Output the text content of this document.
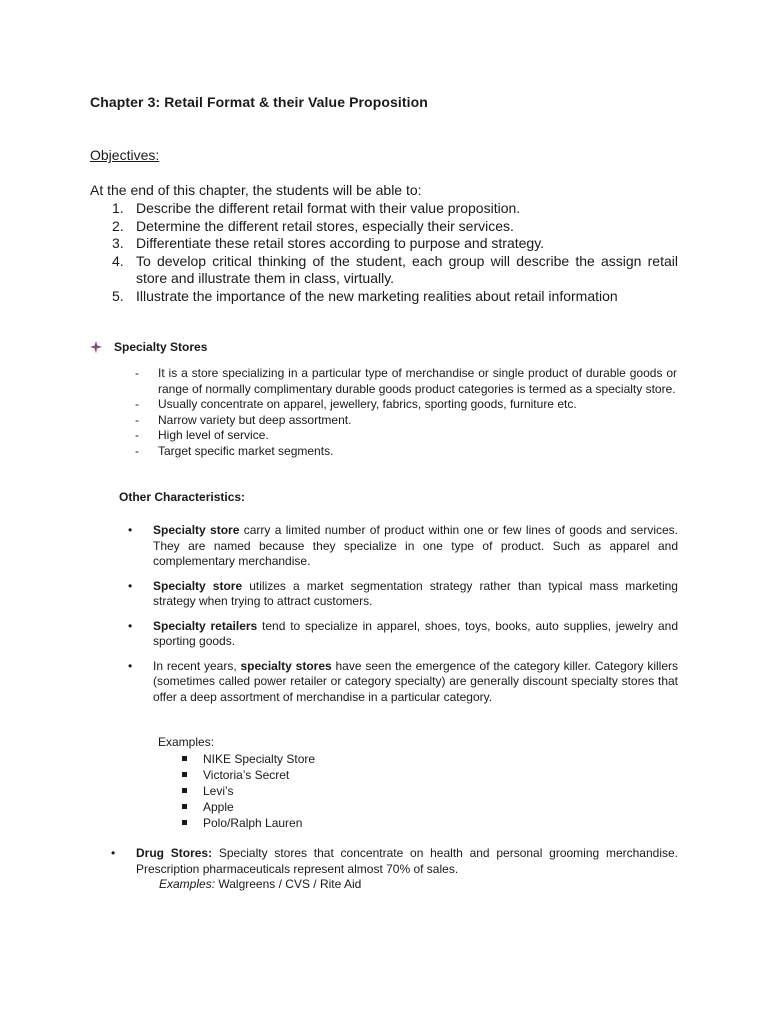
Chapter 3: Retail Format & their Value Proposition
Objectives:
At the end of this chapter, the students will be able to:
1. Describe the different retail format with their value proposition.
2. Determine the different retail stores, especially their services.
3. Differentiate these retail stores according to purpose and strategy.
4. To develop critical thinking of the student, each group will describe the assign retail store and illustrate them in class, virtually.
5. Illustrate the importance of the new marketing realities about retail information
Specialty Stores
- It is a store specializing in a particular type of merchandise or single product of durable goods or range of normally complimentary durable goods product categories is termed as a specialty store.
- Usually concentrate on apparel, jewellery, fabrics, sporting goods, furniture etc.
- Narrow variety but deep assortment.
- High level of service.
- Target specific market segments.
Other Characteristics:
• Specialty store carry a limited number of product within one or few lines of goods and services. They are named because they specialize in one type of product. Such as apparel and complementary merchandise.
• Specialty store utilizes a market segmentation strategy rather than typical mass marketing strategy when trying to attract customers.
• Specialty retailers tend to specialize in apparel, shoes, toys, books, auto supplies, jewelry and sporting goods.
• In recent years, specialty stores have seen the emergence of the category killer. Category killers (sometimes called power retailer or category specialty) are generally discount specialty stores that offer a deep assortment of merchandise in a particular category.
Examples:
NIKE Specialty Store
Victoria’s Secret
Levi’s
Apple
Polo/Ralph Lauren
•	Drug Stores: Specialty stores that concentrate on health and personal grooming merchandise. Prescription pharmaceuticals represent almost 70% of sales.
Examples: Walgreens / CVS / Rite Aid
